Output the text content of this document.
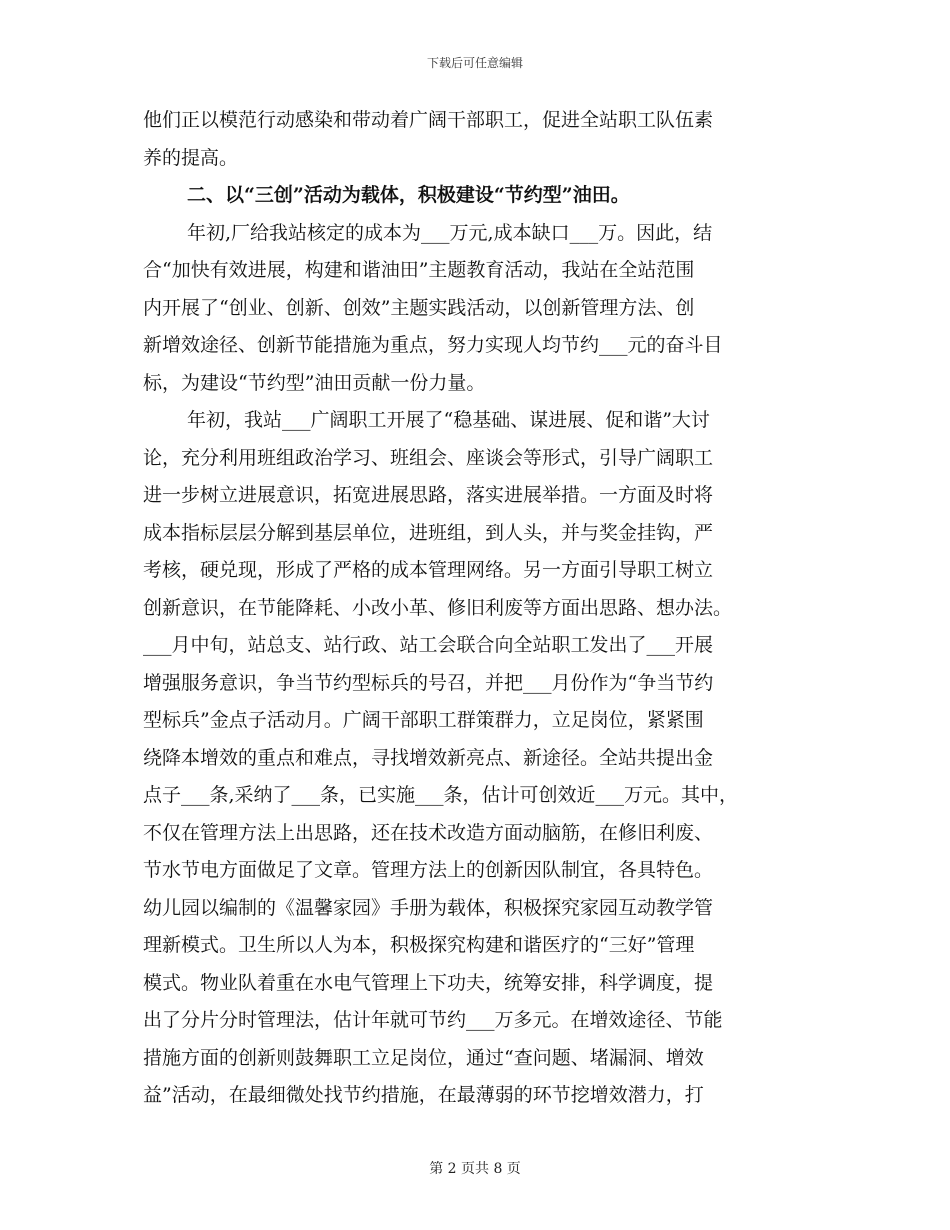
下载后可任意编辑
他们正以模范行动感染和带动着广阔干部职工，促进全站职工队伍素
养的提高。
二、以“三创”活动为载体，积极建设“节约型”油田。
年初,厂给我站核定的成本为___万元,成本缺口___万。因此，结
合“加快有效进展，构建和谐油田”主题教育活动，我站在全站范围
内开展了“创业、创新、创效”主题实践活动，以创新管理方法、创
新增效途径、创新节能措施为重点，努力实现人均节约___元的奋斗目
标，为建设“节约型”油田贡献一份力量。
年初，我站___广阔职工开展了“稳基础、谋进展、促和谐”大讨
论，充分利用班组政治学习、班组会、座谈会等形式，引导广阔职工
进一步树立进展意识，拓宽进展思路，落实进展举措。一方面及时将
成本指标层层分解到基层单位，进班组，到人头，并与奖金挂钩，严
考核，硬兑现，形成了严格的成本管理网络。另一方面引导职工树立
创新意识，在节能降耗、小改小革、修旧利废等方面出思路、想办法。
___月中旬，站总支、站行政、站工会联合向全站职工发出了___开展
增强服务意识，争当节约型标兵的号召，并把___月份作为“争当节约
型标兵”金点子活动月。广阔干部职工群策群力，立足岗位，紧紧围
绕降本增效的重点和难点，寻找增效新亮点、新途径。全站共提出金
点子___条,采纳了___条，已实施___条，估计可创效近___万元。其中，
不仅在管理方法上出思路，还在技术改造方面动脑筋，在修旧利废、
节水节电方面做足了文章。管理方法上的创新因队制宜，各具特色。
幼儿园以编制的《温馨家园》手册为载体，积极探究家园互动教学管
理新模式。卫生所以人为本，积极探究构建和谐医疗的“三好”管理
模式。物业队着重在水电气管理上下功夫，统筹安排，科学调度，提
出了分片分时管理法，估计年就可节约___万多元。在增效途径、节能
措施方面的创新则鼓舞职工立足岗位，通过“查问题、堵漏洞、增效
益”活动，在最细微处找节约措施，在最薄弱的环节挖增效潜力，打
第 2 页共 8 页
